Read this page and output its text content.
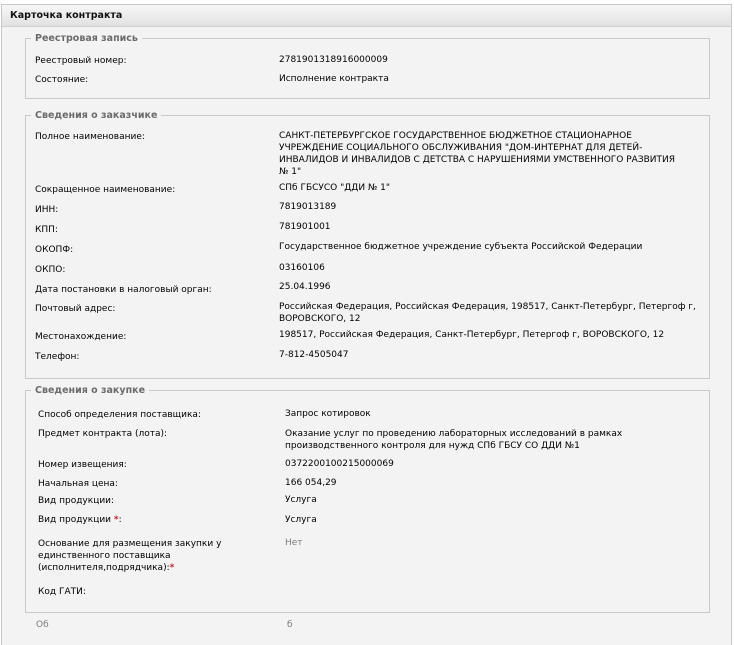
Карточка контракта
Реестровая запись
Реестровый номер:	2781901318916000009
Состояние:	Исполнение контракта
Сведения о заказчике
Полное наименование:	САНКТ-ПЕТЕРБУРГСКОЕ ГОСУДАРСТВЕННОЕ БЮДЖЕТНОЕ СТАЦИОНАРНОЕ
УЧРЕЖДЕНИЕ СОЦИАЛЬНОГО ОБСЛУЖИВАНИЯ "ДОМ-ИНТЕРНАТ ДЛЯ ДЕТЕЙ-
ИНВАЛИДОВ И ИНВАЛИДОВ С ДЕТСТВА С НАРУШЕНИЯМИ УМСТВЕННОГО РАЗВИТИЯ
№ 1"
Сокращенное наименование:	СПб ГБСУСО "ДДИ № 1"
ИНН:	7819013189
КПП:	781901001
ОКОПФ:	Государственное бюджетное учреждение субъекта Российской Федерации
ОКПО:	03160106
Дата постановки в налоговый орган:	25.04.1996
Почтовый адрес:	Российская Федерация, Российская Федерация, 198517, Санкт-Петербург, Петергоф г,
ВОРОВСКОГО, 12
Местонахождение:	198517, Российская Федерация, Санкт-Петербург, Петергоф г, ВОРОВСКОГО, 12
Телефон:	7-812-4505047
Сведения о закупке
Способ определения поставщика:	Запрос котировок
Предмет контракта (лота):	Оказание услуг по проведению лабораторных исследований в рамках
производственного контроля для нужд СПб ГБСУ СО ДДИ №1
Номер извещения:	0372200100215000069
Начальная цена:	166 054,29
Вид продукции:	Услуга
Вид продукции *:	Услуга
Основание для размещения закупки у
единственного поставщика
(исполнителя,подрядчика):*
Нет
Код ГАТИ:
Об	б
